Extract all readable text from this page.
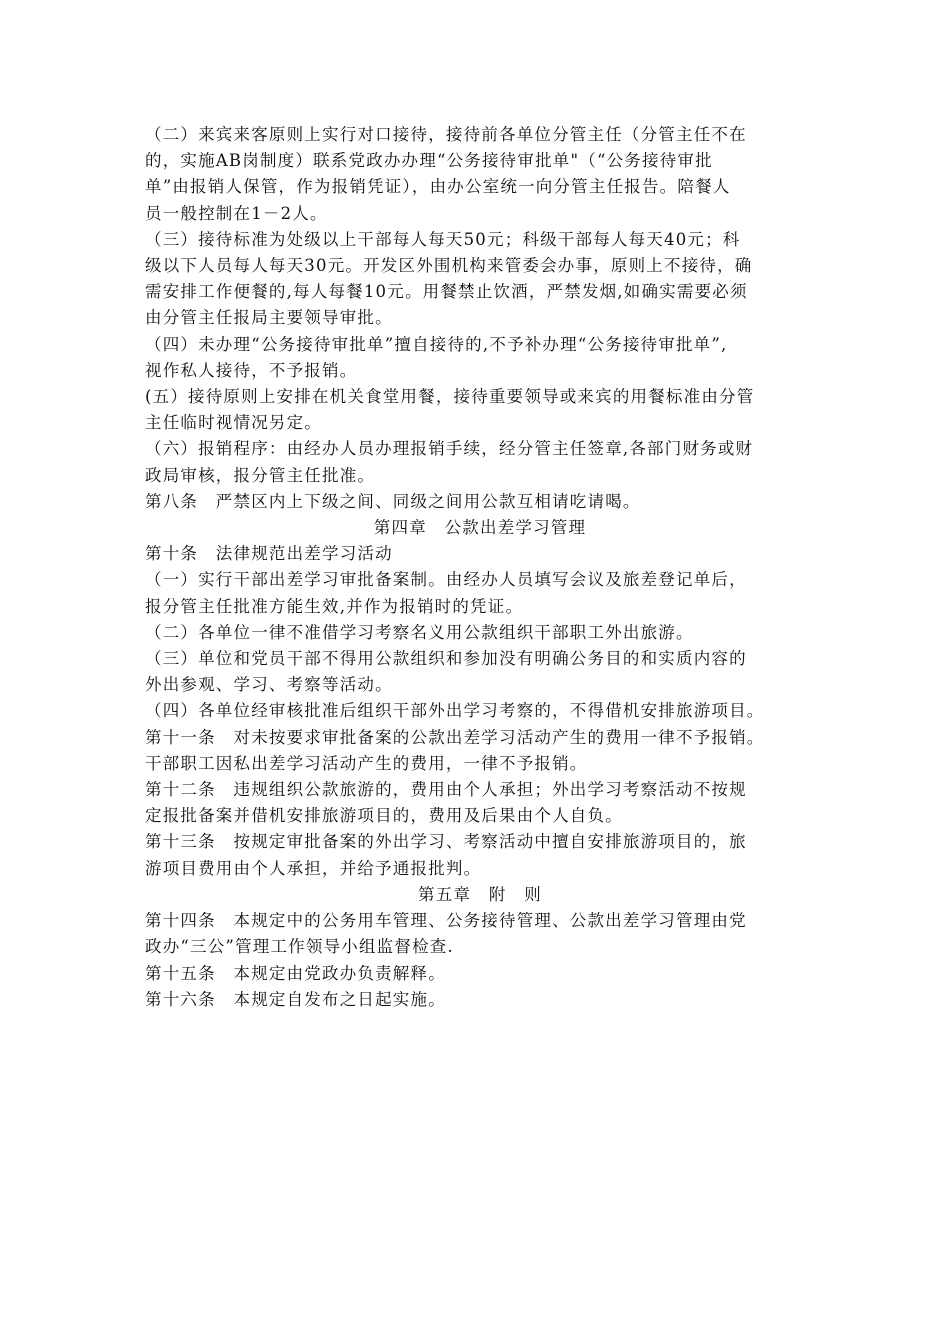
（二）来宾来客原则上实行对口接待，接待前各单位分管主任（分管主任不在

的，实施AB岗制度）联系党政办办理“公务接待审批单"（“公务接待审批

单”由报销人保管，作为报销凭证），由办公室统一向分管主任报告。陪餐人

员一般控制在1－2人。

（三）接待标准为处级以上干部每人每天50元；科级干部每人每天40元；科

级以下人员每人每天30元。开发区外围机构来管委会办事，原则上不接待，确

需安排工作便餐的,每人每餐10元。用餐禁止饮酒，严禁发烟,如确实需要必须

由分管主任报局主要领导审批。

（四）未办理“公务接待审批单”擅自接待的,不予补办理“公务接待审批单”,

视作私人接待，不予报销。

(五）接待原则上安排在机关食堂用餐，接待重要领导或来宾的用餐标准由分管

主任临时视情况另定。

（六）报销程序：由经办人员办理报销手续，经分管主任签章,各部门财务或财

政局审核，报分管主任批准。

第八条　严禁区内上下级之间、同级之间用公款互相请吃请喝。

第四章　公款出差学习管理

第十条　法律规范出差学习活动

（一）实行干部出差学习审批备案制。由经办人员填写会议及旅差登记单后，

报分管主任批准方能生效,并作为报销时的凭证。

（二）各单位一律不准借学习考察名义用公款组织干部职工外出旅游。

（三）单位和党员干部不得用公款组织和参加没有明确公务目的和实质内容的

外出参观、学习、考察等活动。

（四）各单位经审核批准后组织干部外出学习考察的，不得借机安排旅游项目。

第十一条　对未按要求审批备案的公款出差学习活动产生的费用一律不予报销。

干部职工因私出差学习活动产生的费用，一律不予报销。

第十二条　违规组织公款旅游的，费用由个人承担；外出学习考察活动不按规

定报批备案并借机安排旅游项目的，费用及后果由个人自负。

第十三条　按规定审批备案的外出学习、考察活动中擅自安排旅游项目的，旅

游项目费用由个人承担，并给予通报批判。

第五章　附　则

第十四条　本规定中的公务用车管理、公务接待管理、公款出差学习管理由党

政办“三公”管理工作领导小组监督检查.

第十五条　本规定由党政办负责解释。

第十六条　本规定自发布之日起实施。
